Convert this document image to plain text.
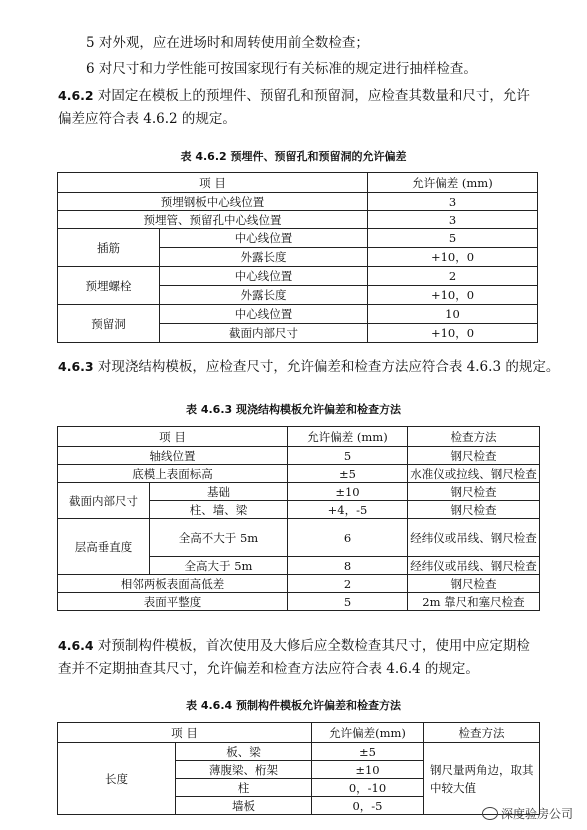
5 对外观，应在进场时和周转使用前全数检查；
6 对尺寸和力学性能可按国家现行有关标准的规定进行抽样检查。
4.6.2 对固定在模板上的预埋件、预留孔和预留洞，应检查其数量和尺寸，允许
偏差应符合表 4.6.2 的规定。
表 4.6.2 预埋件、预留孔和预留洞的允许偏差
项 目		允许偏差 (mm)
预埋钢板中心线位置		3
预埋管、预留孔中心线位置		3
插筋	中心线位置	5
	外露长度	+10，0
预埋螺栓	中心线位置	2
	外露长度	+10，0
预留洞	中心线位置	10
	截面内部尺寸	+10，0
4.6.3 对现浇结构模板，应检查尺寸，允许偏差和检查方法应符合表 4.6.3 的规定。
表 4.6.3 现浇结构模板允许偏差和检查方法
项 目		允许偏差 (mm)	检查方法
轴线位置		5	钢尺检查
底模上表面标高		±5	水准仪或拉线、钢尺检查
截面内部尺寸	基础	±10	钢尺检查
	柱、墙、梁	+4，-5	钢尺检查
层高垂直度	全高不大于 5m	6	经纬仪或吊线、钢尺检查
	全高大于 5m	8	经纬仪或吊线、钢尺检查
相邻两板表面高低差		2	钢尺检查
表面平整度		5	2m 靠尺和塞尺检查
4.6.4 对预制构件模板，首次使用及大修后应全数检查其尺寸，使用中应定期检
查并不定期抽查其尺寸，允许偏差和检查方法应符合表 4.6.4 的规定。
表 4.6.4 预制构件模板允许偏差和检查方法
项 目		允许偏差(mm)	检查方法
长度	板、梁	±5	钢尺量两角边，取其中较大值
	薄腹梁、桁架	±10	
	柱	0，-10	
	墙板	0，-5	
深度验房公司
